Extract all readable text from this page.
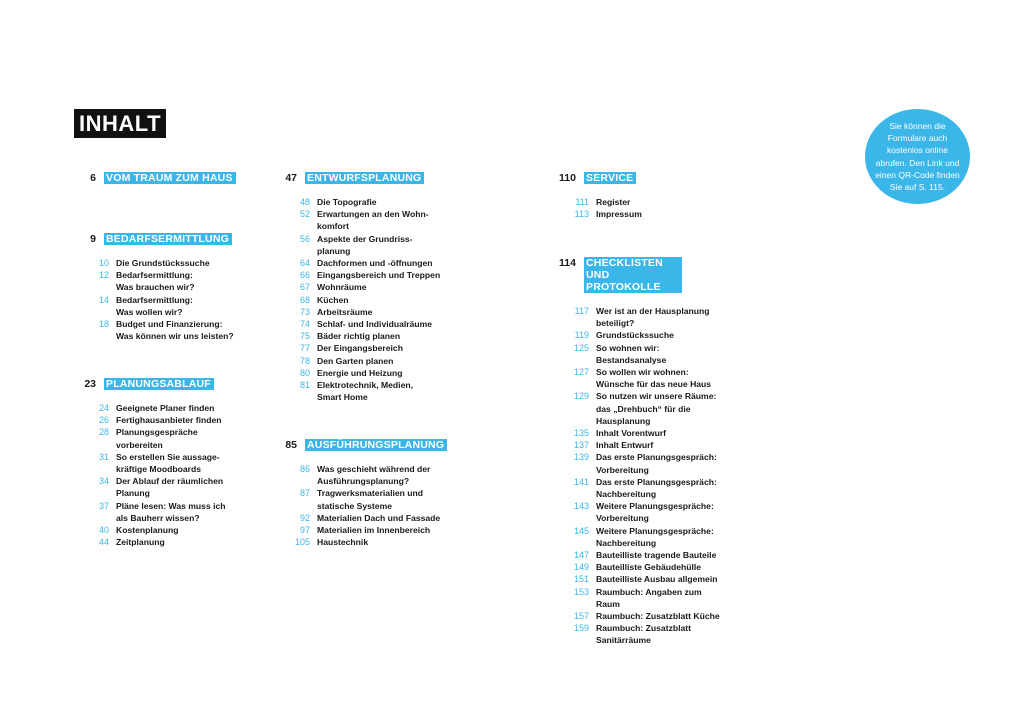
INHALT	Sie können die Formulare auch kostenlos online abrufen. Den Link und einen QR-Code finden Sie auf S. 115.
6 VOM TRAUM ZUM HAUS
9 BEDARFSERMITTLUNG
10 Die Grundstückssuche
12 Bedarfsermittlung:
Was brauchen wir?
14 Bedarfsermittlung:
Was wollen wir?
18 Budget und Finanzierung:
Was können wir uns leisten?
23 PLANUNGSABLAUF
24 Geeignete Planer finden
26 Fertighausanbieter finden
28 Planungsgespräche
vorbereiten
31 So erstellen Sie aussage-
kräftige Moodboards
34 Der Ablauf der räumlichen
Planung
37 Pläne lesen: Was muss ich
als Bauherr wissen?
40 Kostenplanung
44 Zeitplanung
47 ENTWURFSPLANUNG
48 Die Topografie
52 Erwartungen an den Wohn-
komfort
56 Aspekte der Grundriss-
planung
64 Dachformen und -öffnungen
66 Eingangsbereich und Treppen
67 Wohnräume
68 Küchen
73 Arbeitsräume
74 Schlaf- und Individualräume
75 Bäder richtig planen
77 Der Eingangsbereich
78 Den Garten planen
80 Energie und Heizung
81 Elektrotechnik, Medien,
Smart Home
85 AUSFÜHRUNGSPLANUNG
86 Was geschieht während der
Ausführungsplanung?
87 Tragwerksmaterialien und
statische Systeme
92 Materialien Dach und Fassade
97 Materialien im Innenbereich
105 Haustechnik
110 SERVICE
111 Register
113 Impressum
114 CHECKLISTEN UND PROTOKOLLE
117 Wer ist an der Hausplanung
beteiligt?
119 Grundstückssuche
125 So wohnen wir:
Bestandsanalyse
127 So wollen wir wohnen:
Wünsche für das neue Haus
129 So nutzen wir unsere Räume:
das „Drehbuch“ für die
Hausplanung
135 Inhalt Vorentwurf
137 Inhalt Entwurf
139 Das erste Planungsgespräch:
Vorbereitung
141 Das erste Planungsgespräch:
Nachbereitung
143 Weitere Planungsgespräche:
Vorbereitung
145 Weitere Planungsgespräche:
Nachbereitung
147 Bauteilliste tragende Bauteile
149 Bauteilliste Gebäudehülle
151 Bauteilliste Ausbau allgemein
153 Raumbuch: Angaben zum
Raum
157 Raumbuch: Zusatzblatt Küche
159 Raumbuch: Zusatzblatt
Sanitärräume
